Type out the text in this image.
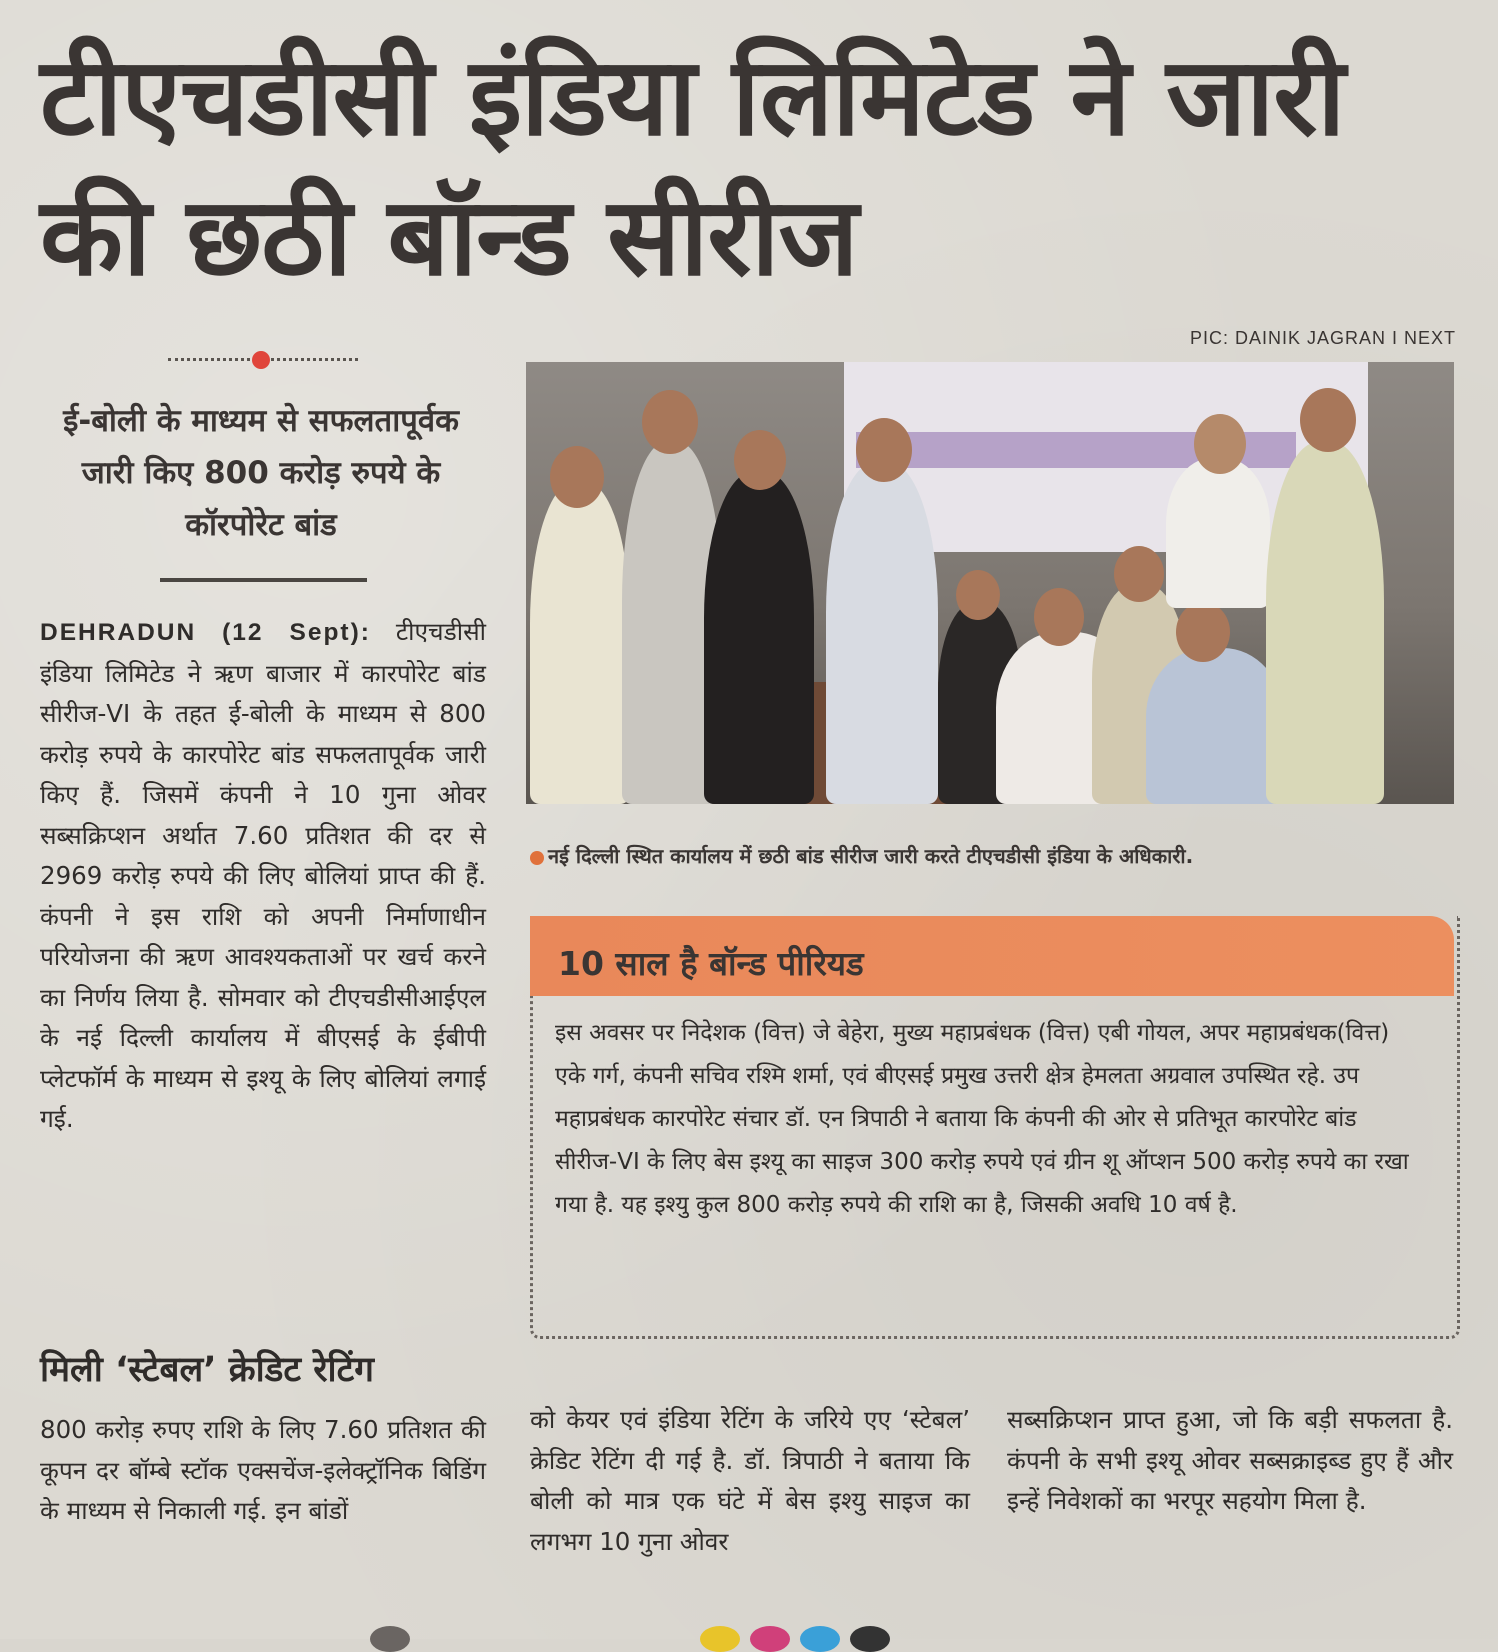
टीएचडीसी इंडिया लिमिटेड ने जारी की छठी बॉन्ड सीरीज
PIC: DAINIK JAGRAN I NEXT
ई-बोली के माध्यम से सफलतापूर्वक जारी किए 800 करोड़ रुपये के कॉरपोरेट बांड
DEHRADUN (12 Sept): टीएचडीसी इंडिया लिमिटेड ने ऋण बाजार में कारपोरेट बांड सीरीज-VI के तहत ई-बोली के माध्यम से 800 करोड़ रुपये के कारपोरेट बांड सफलतापूर्वक जारी किए हैं. जिसमें कंपनी ने 10 गुना ओवर सब्सक्रिप्शन अर्थात 7.60 प्रतिशत की दर से 2969 करोड़ रुपये की लिए बोलियां प्राप्त की हैं. कंपनी ने इस राशि को अपनी निर्माणाधीन परियोजना की ऋण आवश्यकताओं पर खर्च करने का निर्णय लिया है. सोमवार को टीएचडीसीआईएल के नई दिल्ली कार्यालय में बीएसई के ईबीपी प्लेटफॉर्म के माध्यम से इश्यू के लिए बोलियां लगाई गई.
मिली ‘स्टेबल’ क्रेडिट रेटिंग
800 करोड़ रुपए राशि के लिए 7.60 प्रतिशत की कूपन दर बॉम्बे स्टॉक एक्सचेंज-इलेक्ट्रॉनिक बिडिंग के माध्यम से निकाली गई. इन बांडों
नई दिल्ली स्थित कार्यालय में छठी बांड सीरीज जारी करते टीएचडीसी इंडिया के अधिकारी.
10 साल है बॉन्ड पीरियड
इस अवसर पर निदेशक (वित्त) जे बेहेरा, मुख्य महाप्रबंधक (वित्त) एबी गोयल, अपर महाप्रबंधक(वित्त) एके गर्ग, कंपनी सचिव रश्मि शर्मा, एवं बीएसई प्रमुख उत्तरी क्षेत्र हेमलता अग्रवाल उपस्थित रहे. उप महाप्रबंधक कारपोरेट संचार डॉ. एन त्रिपाठी ने बताया कि कंपनी की ओर से प्रतिभूत कारपोरेट बांड सीरीज-VI के लिए बेस इश्यू का साइज 300 करोड़ रुपये एवं ग्रीन शू ऑप्शन 500 करोड़ रुपये का रखा गया है. यह इश्यु कुल 800 करोड़ रुपये की राशि का है, जिसकी अवधि 10 वर्ष है.
को केयर एवं इंडिया रेटिंग के जरिये एए ‘स्टेबल’ क्रेडिट रेटिंग दी गई है. डॉ. त्रिपाठी ने बताया कि बोली को मात्र एक घंटे में बेस इश्यु साइज का लगभग 10 गुना ओवर
सब्सक्रिप्शन प्राप्त हुआ, जो कि बड़ी सफलता है. कंपनी के सभी इश्यू ओवर सब्सक्राइब्ड हुए हैं और इन्हें निवेशकों का भरपूर सहयोग मिला है.
